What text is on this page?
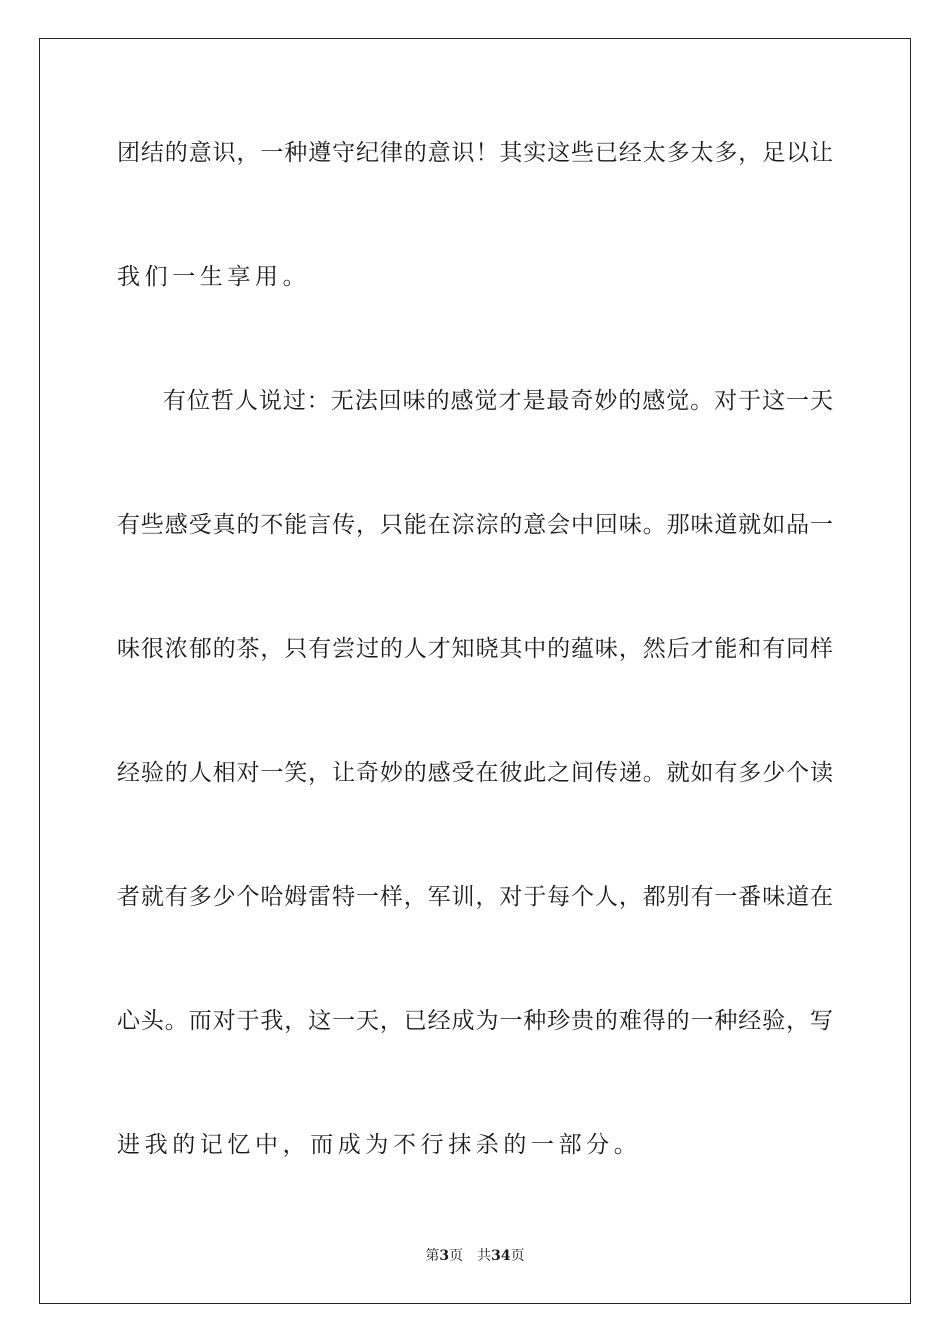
团结的意识，一种遵守纪律的意识！其实这些已经太多太多，足以让
我们一生享用。
有位哲人说过：无法回味的感觉才是最奇妙的感觉。对于这一天
有些感受真的不能言传，只能在淙淙的意会中回味。那味道就如品一
味很浓郁的茶，只有尝过的人才知晓其中的蕴味，然后才能和有同样
经验的人相对一笑，让奇妙的感受在彼此之间传递。就如有多少个读
者就有多少个哈姆雷特一样，军训，对于每个人，都别有一番味道在
心头。而对于我，这一天，已经成为一种珍贵的难得的一种经验，写
进我的记忆中，而成为不行抹杀的一部分。
第3页 共34页
